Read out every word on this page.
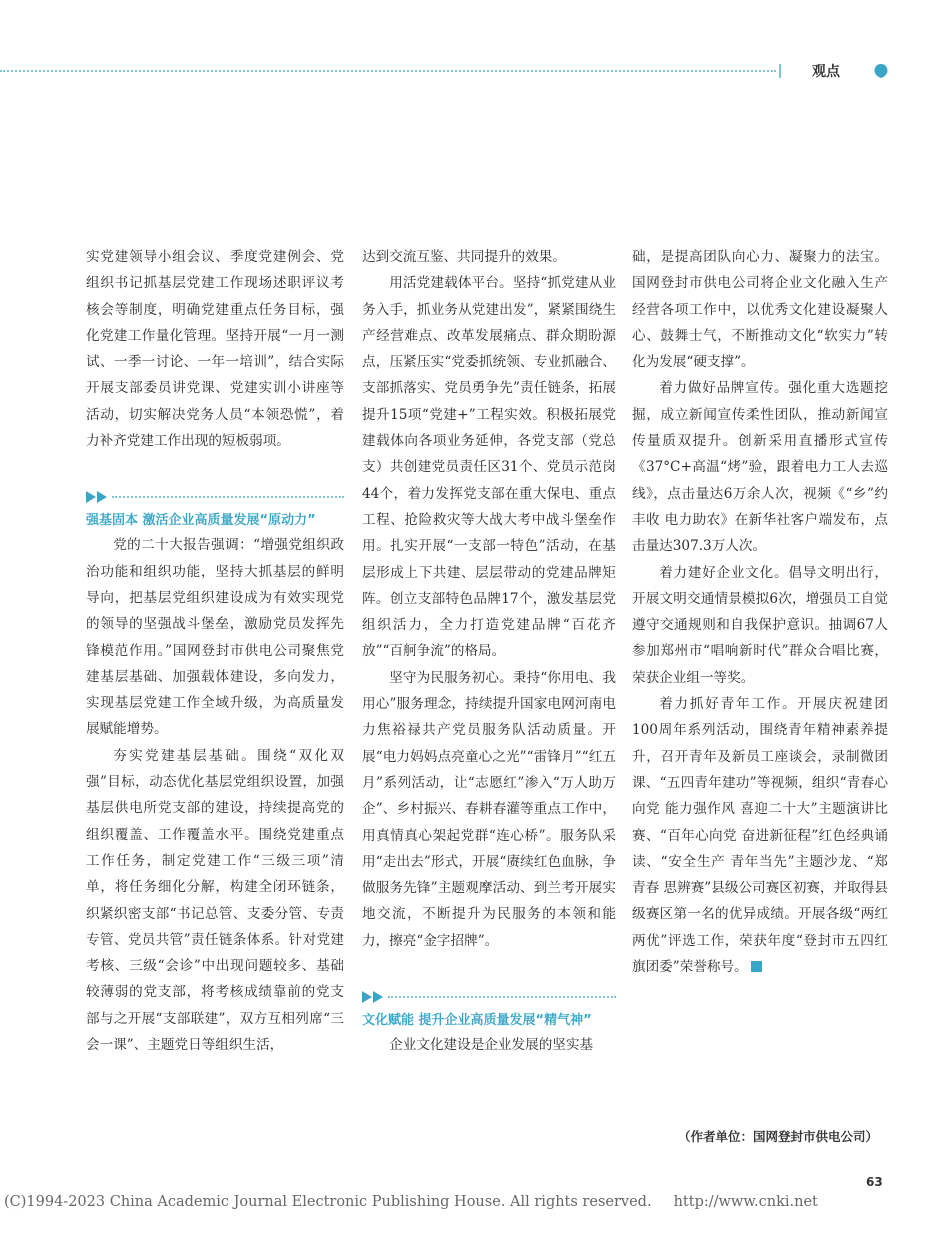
观点

实党建领导小组会议、季度党建例会、党组织书记抓基层党建工作现场述职评议考核会等制度，明确党建重点任务目标，强化党建工作量化管理。坚持开展“一月一测试、一季一讨论、一年一培训”，结合实际开展支部委员讲党课、党建实训小讲座等活动，切实解决党务人员“本领恐慌”，着力补齐党建工作出现的短板弱项。

强基固本 激活企业高质量发展“原动力”

党的二十大报告强调：“增强党组织政治功能和组织功能，坚持大抓基层的鲜明导向，把基层党组织建设成为有效实现党的领导的坚强战斗堡垒，激励党员发挥先锋模范作用。”国网登封市供电公司聚焦党建基层基础、加强载体建设，多向发力，实现基层党建工作全域升级，为高质量发展赋能增势。

夯实党建基层基础。围绕“双化双强”目标，动态优化基层党组织设置，加强基层供电所党支部的建设，持续提高党的组织覆盖、工作覆盖水平。围绕党建重点工作任务，制定党建工作“三级三项”清单，将任务细化分解，构建全闭环链条，织紧织密支部“书记总管、支委分管、专责专管、党员共管”责任链条体系。针对党建考核、三级“会诊”中出现问题较多、基础较薄弱的党支部，将考核成绩靠前的党支部与之开展“支部联建”，双方互相列席“三会一课”、主题党日等组织生活，

达到交流互鉴、共同提升的效果。

用活党建载体平台。坚持“抓党建从业务入手，抓业务从党建出发”，紧紧围绕生产经营难点、改革发展痛点、群众期盼源点，压紧压实“党委抓统领、专业抓融合、支部抓落实、党员勇争先”责任链条，拓展提升15项“党建+”工程实效。积极拓展党建载体向各项业务延伸，各党支部（党总支）共创建党员责任区31个、党员示范岗44个，着力发挥党支部在重大保电、重点工程、抢险救灾等大战大考中战斗堡垒作用。扎实开展“一支部一特色”活动，在基层形成上下共建、层层带动的党建品牌矩阵。创立支部特色品牌17个，激发基层党组织活力，全力打造党建品牌“百花齐放”“百舸争流”的格局。

坚守为民服务初心。秉持“你用电、我用心”服务理念，持续提升国家电网河南电力焦裕禄共产党员服务队活动质量。开展“电力妈妈点亮童心之光”“雷锋月”“红五月”系列活动，让“志愿红”渗入“万人助万企”、乡村振兴、春耕春灌等重点工作中，用真情真心架起党群“连心桥”。服务队采用“走出去”形式，开展“赓续红色血脉，争做服务先锋”主题观摩活动、到兰考开展实地交流，不断提升为民服务的本领和能力，擦亮“金字招牌”。

文化赋能 提升企业高质量发展“精气神”

企业文化建设是企业发展的坚实基

础，是提高团队向心力、凝聚力的法宝。国网登封市供电公司将企业文化融入生产经营各项工作中，以优秀文化建设凝聚人心、鼓舞士气，不断推动文化“软实力”转化为发展“硬支撑”。

着力做好品牌宣传。强化重大选题挖掘，成立新闻宣传柔性团队，推动新闻宣传量质双提升。创新采用直播形式宣传《37°C+高温“烤”验，跟着电力工人去巡线》，点击量达6万余人次，视频《“乡”约丰收 电力助农》在新华社客户端发布，点击量达307.3万人次。

着力建好企业文化。倡导文明出行，开展文明交通情景模拟6次，增强员工自觉遵守交通规则和自我保护意识。抽调67人参加郑州市“唱响新时代”群众合唱比赛，荣获企业组一等奖。

着力抓好青年工作。开展庆祝建团100周年系列活动，围绕青年精神素养提升，召开青年及新员工座谈会，录制微团课、“五四青年建功”等视频，组织“青春心向党 能力强作风 喜迎二十大”主题演讲比赛、“百年心向党 奋进新征程”红色经典诵读、“安全生产 青年当先”主题沙龙、“郑青春 思辨赛”县级公司赛区初赛，并取得县级赛区第一名的优异成绩。开展各级“两红两优”评选工作，荣获年度“登封市五四红旗团委”荣誉称号。

（作者单位：国网登封市供电公司）
63
(C)1994-2023 China Academic Journal Electronic Publishing House. All rights reserved. http://www.cnki.net
